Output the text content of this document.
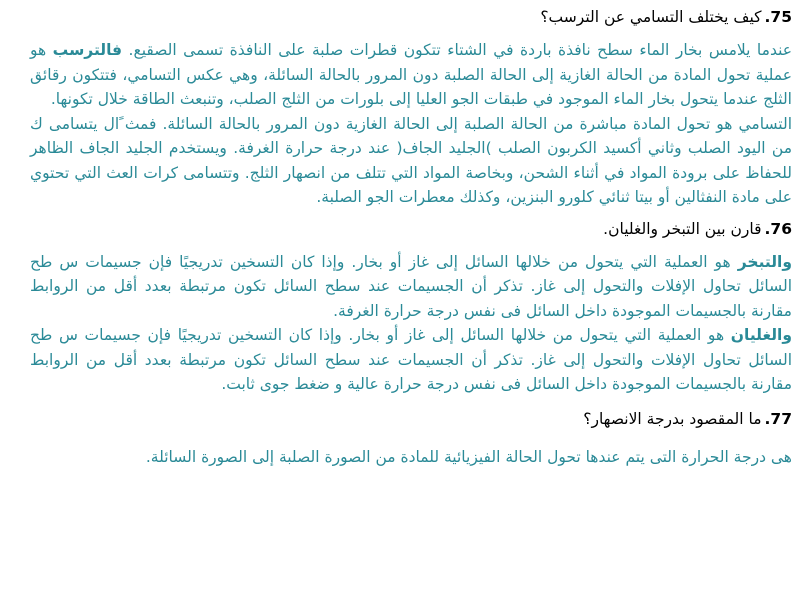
75.كيف يختلف التسامي عن الترسب؟

عندما يلامس بخار الماء سطح نافذة باردة في الشتاء تتكون قطرات صلبة على النافذة تسمى الصقيع. فالترسب هو عملية تحول المادة من الحالة الغازية إلى الحالة الصلبة دون المرور بالحالة السائلة، وهي عكس التسامي، فتتكون رقائق الثلج عندما يتحول بخار الماء الموجود في طبقات الجو العليا إلى بلورات من الثلج الصلب، وتنبعث الطاقة خلال تكونها.

التسامي هو تحول المادة مباشرة من الحالة الصلبة إلى الحالة الغازية دون المرور بالحالة السائلة. فمث ًال يتسامى ك من اليود الصلب وثاني أكسيد الكربون الصلب )الجليد الجاف( عند درجة حرارة الغرفة. ويستخدم الجليد الجاف الظاهر للحفاظ على برودة المواد في أثناء الشحن، وبخاصة المواد التي تتلف من انصهار الثلج. وتتسامى كرات العث التي تحتوي على مادة النفثالين أو بيتا ثنائي كلورو البنزين، وكذلك معطرات الجو الصلبة.

76.قارن بين التبخر والغليان.

والتبخر هو العملية التي يتحول من خلالها السائل إلى غاز أو بخار. وإذا كان التسخين تدريجيًا فإن جسيمات س طح السائل تحاول الإفلات والتحول إلى غاز. تذكر أن الجسيمات عند سطح السائل تكون مرتبطة بعدد أقل من الروابط مقارنة بالجسيمات الموجودة داخل السائل فى نفس درجة حرارة الغرفة.

والغليان هو العملية التي يتحول من خلالها السائل إلى غاز أو بخار. وإذا كان التسخين تدريجيًا فإن جسيمات س طح السائل تحاول الإفلات والتحول إلى غاز. تذكر أن الجسيمات عند سطح السائل تكون مرتبطة بعدد أقل من الروابط مقارنة بالجسيمات الموجودة داخل السائل فى نفس درجة حرارة عالية و ضغط جوى ثابت.

77.ما المقصود بدرجة الانصهار؟

هى درجة الحرارة التى يتم عندها تحول الحالة الفيزيائية للمادة من الصورة الصلبة إلى الصورة السائلة.
